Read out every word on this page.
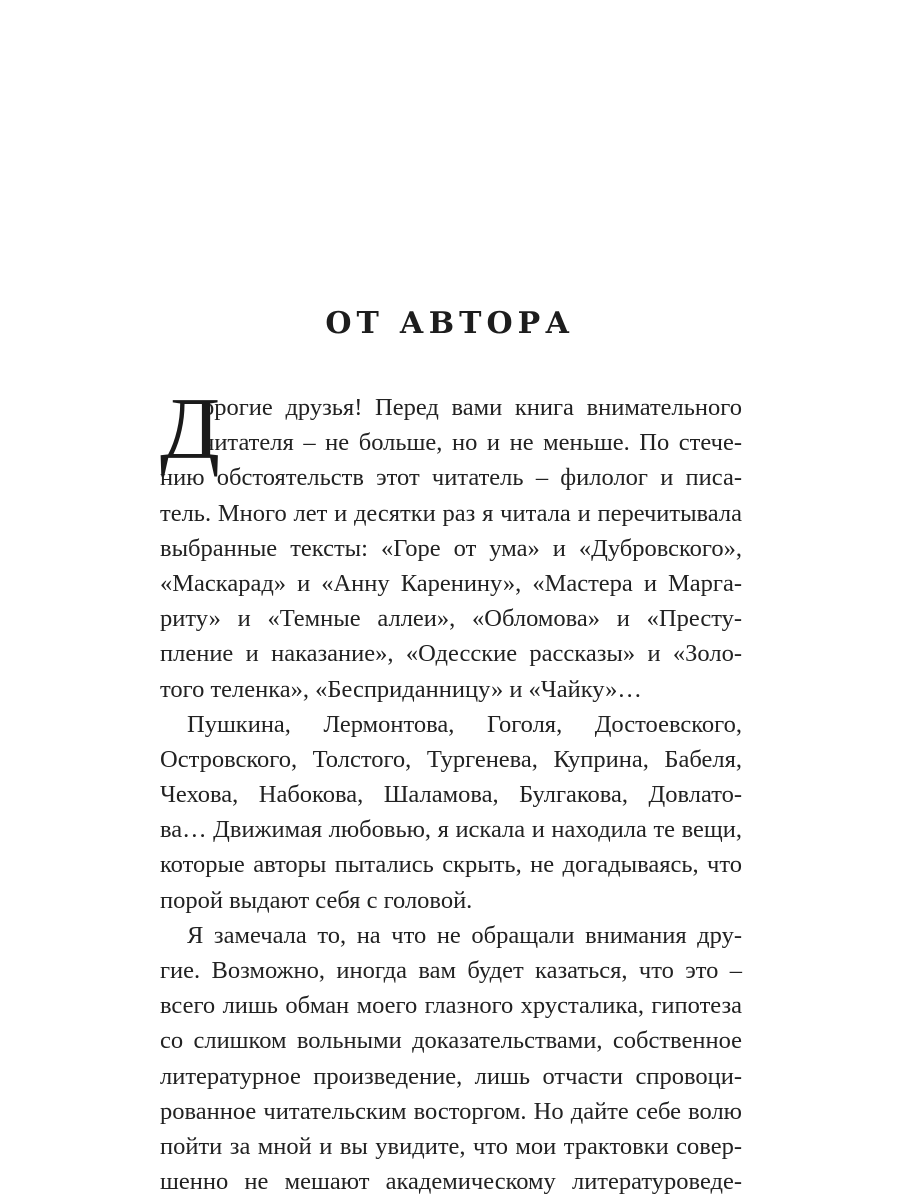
ОТ АВТОРА
Д
орогие друзья! Перед вами книга внимательного
читателя – не больше, но и не меньше. По стече-
нию обстоятельств этот читатель – филолог и писа-
тель. Много лет и десятки раз я читала и перечитывала
выбранные тексты: «Горе от ума» и «Дубровского»,
«Маскарад» и «Анну Каренину», «Мастера и Марга-
риту» и «Темные аллеи», «Обломова» и «Престу-
пление и наказание», «Одесские рассказы» и «Золо-
того теленка», «Бесприданницу» и «Чайку»…
Пушкина, Лермонтова, Гоголя, Достоевского,
Островского, Толстого, Тургенева, Куприна, Бабеля,
Чехова, Набокова, Шаламова, Булгакова, Довлато-
ва… Движимая любовью, я искала и находила те вещи,
которые авторы пытались скрыть, не догадываясь, что
порой выдают себя с головой.
Я замечала то, на что не обращали внимания дру-
гие. Возможно, иногда вам будет казаться, что это –
всего лишь обман моего глазного хрусталика, гипотеза
со слишком вольными доказательствами, собственное
литературное произведение, лишь отчасти спровоци-
рованное читательским восторгом. Но дайте себе волю
пойти за мной и вы увидите, что мои трактовки совер-
шенно не мешают академическому литературоведе-
